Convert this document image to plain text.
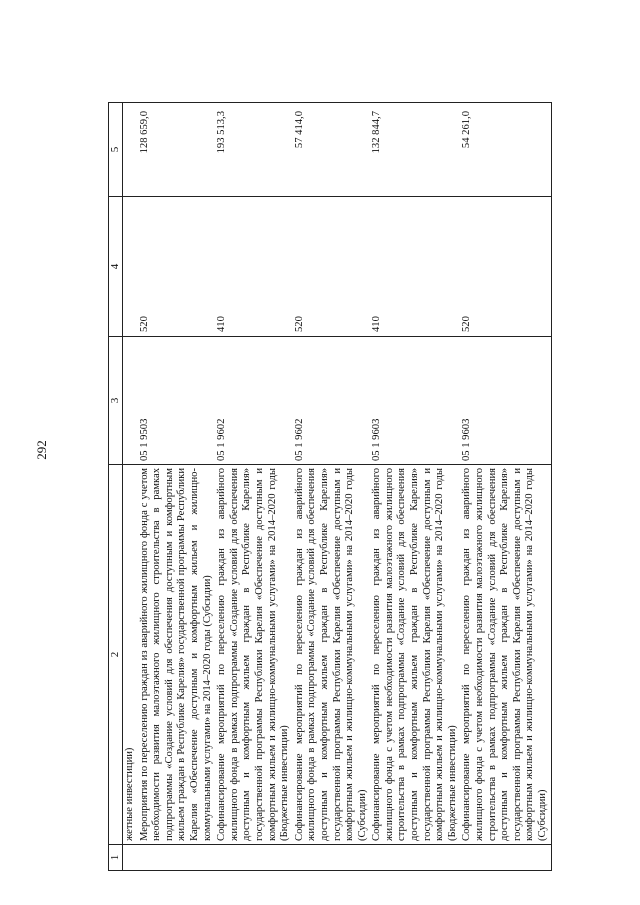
292
1	2	3	4	5
	жетные инвестиции)			
	Мероприятия по переселению граждан из аварийного жилищного фонда с учетом необходимости развития малоэтажного жилищного строительства в рамках подпрограммы «Создание условий для обеспечения доступным и комфортным жильем граждан в Республике Карелия» государственной программы Республики Карелия «Обеспечение доступным и комфортным жильем и жилищно-коммунальными услугами» на 2014–2020 годы (Субсидии)	05 1 9503	520	128 659,0
	Софинансирование мероприятий по переселению граждан из аварийного жилищного фонда в рамках подпрограммы «Создание условий для обеспечения доступным и комфортным жильем граждан в Республике Карелия» государственной программы Республики Карелия «Обеспечение доступным и комфортным жильем и жилищно-коммунальными услугами» на 2014–2020 годы (Бюджетные инвестиции)	05 1 9602	410	193 513,3
	Софинансирование мероприятий по переселению граждан из аварийного жилищного фонда в рамках подпрограммы «Создание условий для обеспечения доступным и комфортным жильем граждан в Республике Карелия» государственной программы Республики Карелия «Обеспечение доступным и комфортным жильем и жилищно-коммунальными услугами» на 2014–2020 годы (Субсидии)	05 1 9602	520	57 414,0
	Софинансирование мероприятий по переселению граждан из аварийного жилищного фонда с учетом необходимости развития малоэтажного жилищного строительства в рамках подпрограммы «Создание условий для обеспечения доступным и комфортным жильем граждан в Республике Карелия» государственной программы Республики Карелия «Обеспечение доступным и комфортным жильем и жилищно-коммунальными услугами» на 2014–2020 годы (Бюджетные инвестиции)	05 1 9603	410	132 844,7
	Софинансирование мероприятий по переселению граждан из аварийного жилищного фонда с учетом необходимости развития малоэтажного жилищного строительства в рамках подпрограммы «Создание условий для обеспечения доступным и комфортным жильем граждан в Республике Карелия» государственной программы Республики Карелия «Обеспечение доступным и комфортным жильем и жилищно-коммунальными услугами» на 2014–2020 годы (Субсидии)	05 1 9603	520	54 261,0
